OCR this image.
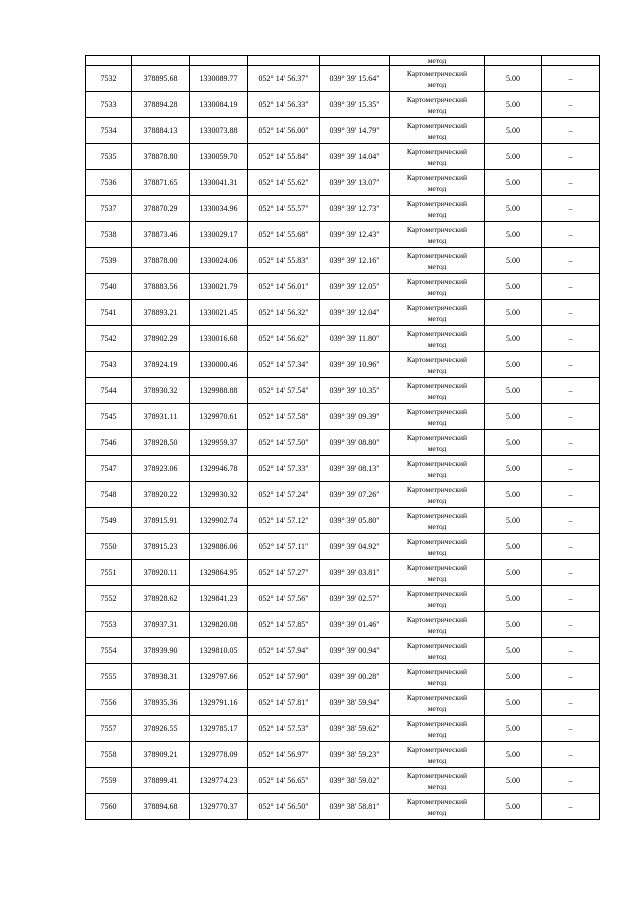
					метод		

7532	378895.68	1330089.77	052° 14' 56.37"	039° 39' 15.64"	Картометрический
метод	5.00	–
7533	378894.28	1330084.19	052° 14' 56.33"	039° 39' 15.35"	Картометрический
метод	5.00	–
7534	378884.13	1330073.88	052° 14' 56.00"	039° 39' 14.79"	Картометрический
метод	5.00	–
7535	378878.80	1330059.70	052° 14' 55.84"	039° 39' 14.04"	Картометрический
метод	5.00	–
7536	378871.65	1330041.31	052° 14' 55.62"	039° 39' 13.07"	Картометрический
метод	5.00	–
7537	378870.29	1330034.96	052° 14' 55.57"	039° 39' 12.73"	Картометрический
метод	5.00	–
7538	378873.46	1330029.17	052° 14' 55.68"	039° 39' 12.43"	Картометрический
метод	5.00	–
7539	378878.00	1330024.06	052° 14' 55.83"	039° 39' 12.16"	Картометрический
метод	5.00	–
7540	378883.56	1330021.79	052° 14' 56.01"	039° 39' 12.05"	Картометрический
метод	5.00	–
7541	378893.21	1330021.45	052° 14' 56.32"	039° 39' 12.04"	Картометрический
метод	5.00	–
7542	378902.29	1330016.68	052° 14' 56.62"	039° 39' 11.80"	Картометрический
метод	5.00	–
7543	378924.19	1330000.46	052° 14' 57.34"	039° 39' 10.96"	Картометрический
метод	5.00	–
7544	378930.32	1329988.88	052° 14' 57.54"	039° 39' 10.35"	Картометрический
метод	5.00	–
7545	378931.11	1329970.61	052° 14' 57.58"	039° 39' 09.39"	Картометрический
метод	5.00	–
7546	378928.50	1329959.37	052° 14' 57.50"	039° 39' 08.80"	Картометрический
метод	5.00	–
7547	378923.06	1329946.78	052° 14' 57.33"	039° 39' 08.13"	Картометрический
метод	5.00	–
7548	378920.22	1329930.32	052° 14' 57.24"	039° 39' 07.26"	Картометрический
метод	5.00	–
7549	378915.91	1329902.74	052° 14' 57.12"	039° 39' 05.80"	Картометрический
метод	5.00	–
7550	378915.23	1329886.06	052° 14' 57.11"	039° 39' 04.92"	Картометрический
метод	5.00	–
7551	378920.11	1329864.95	052° 14' 57.27"	039° 39' 03.81"	Картометрический
метод	5.00	–
7552	378928.62	1329841.23	052° 14' 57.56"	039° 39' 02.57"	Картометрический
метод	5.00	–
7553	378937.31	1329820.08	052° 14' 57.85"	039° 39' 01.46"	Картометрический
метод	5.00	–
7554	378939.90	1329810.05	052° 14' 57.94"	039° 39' 00.94"	Картометрический
метод	5.00	–
7555	378938.31	1329797.66	052° 14' 57.90"	039° 39' 00.28"	Картометрический
метод	5.00	–
7556	378935.36	1329791.16	052° 14' 57.81"	039° 38' 59.94"	Картометрический
метод	5.00	–
7557	378926.55	1329785.17	052° 14' 57.53"	039° 38' 59.62"	Картометрический
метод	5.00	–
7558	378909.21	1329778.09	052° 14' 56.97"	039° 38' 59.23"	Картометрический
метод	5.00	–
7559	378899.41	1329774.23	052° 14' 56.65"	039° 38' 59.02"	Картометрический
метод	5.00	–
7560	378894.68	1329770.37	052° 14' 56.50"	039° 38' 58.81"	Картометрический
метод	5.00	–
